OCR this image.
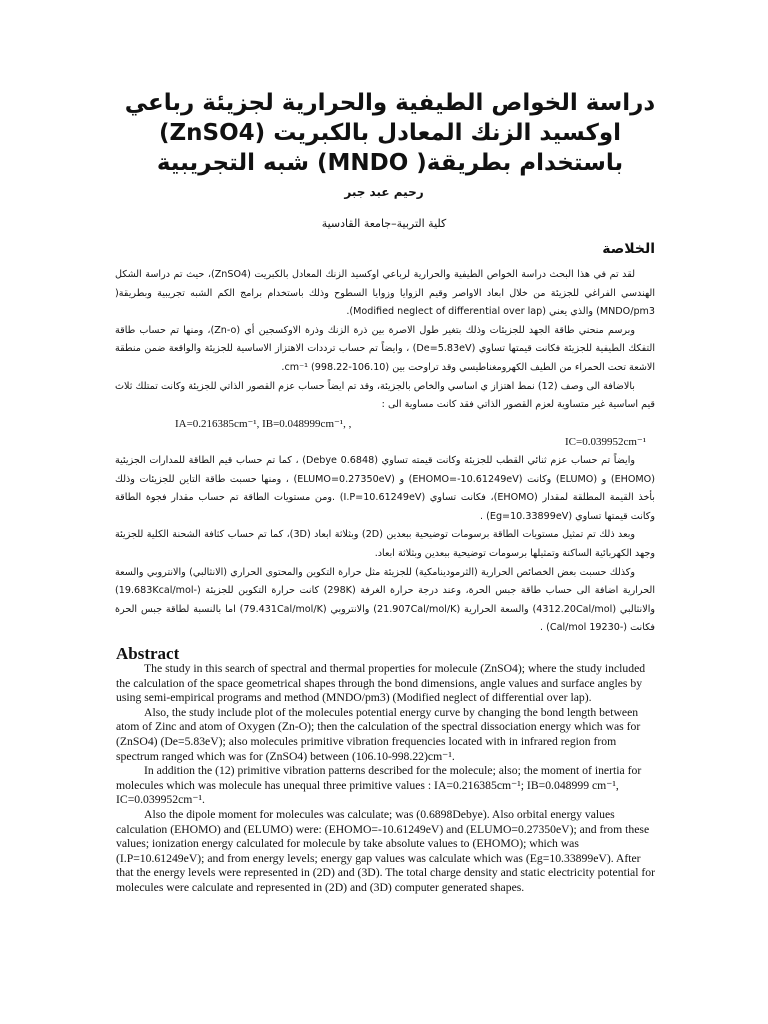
دراسة الخواص الطيفية والحرارية لجزيئة رباعي اوكسيد الزنك المعادل بالكبريت (ZnSO4) باستخدام بطريقة( MNDO) شبه التجريبية
رحيم عبد جبر
كلية التربية–جامعة القادسية
الخلاصة

لقد تم في هذا البحث دراسة الخواص الطيفية والحرارية لرباعي اوكسيد الزنك المعادل بالكبريت (ZnSO4)، حيث تم دراسة الشكل الهندسي الفراغي للجزيئة من خلال ابعاد الاواصر وقيم الزوايا وزوايا السطوح وذلك باستخدام برامج الكم الشبه تجريبية وبطريقة( MNDO/pm3) والذي يعني (Modified neglect of differential over lap).

وبرسم منحني طاقة الجهد للجزيئات وذلك بتغير طول الاصرة بين ذرة الزنك وذرة الاوكسجين أي (Zn-o)، ومنها تم حساب طاقة التفكك الطيفية للجزيئة فكانت قيمتها تساوي (De=5.83eV) ، وايضاً تم حساب ترددات الاهتزاز الاساسية للجزيئة والواقعة ضمن منطقة الاشعة تحت الحمراء من الطيف الكهرومغناطيسي وقد تراوحت بين (106.10-998.22) cm⁻¹.

بالاضافة الى وصف (12) نمط اهتزاز ي اساسي والخاص بالجزيئة، وقد تم ايضاً حساب عزم القصور الذاتي للجزيئة وكانت تمتلك ثلاث قيم اساسية غير متساوية لعزم القصور الذاتي فقد كانت مساوية الى :

IA=0.216385cm⁻¹, IB=0.048999cm⁻¹, ,

IC=0.039952cm⁻¹

وايضاً تم حساب عزم ثنائي القطب للجزيئة وكانت قيمته تساوي (0.6848 Debye) ، كما تم حساب قيم الطاقة للمدارات الجزيئية (EHOMO) و (ELUMO) وكانت (EHOMO=-10.61249eV) و (ELUMO=0.27350eV) ، ومنها حسبت طاقة التاين للجزيئات وذلك بأخذ القيمة المطلقة لمقدار (EHOMO)، فكانت تساوي (I.P=10.61249eV) .ومن مستويات الطاقة تم حساب مقدار فجوة الطاقة وكانت قيمتها تساوي (Eg=10.33899eV) .

وبعد ذلك تم تمثيل مستويات الطاقة برسومات توضيحية ببعدين (2D) وبثلاثة ابعاد (3D)، كما تم حساب كثافة الشحنة الكلية للجزيئة وجهد الكهربائية الساكنة وتمثيلها برسومات توضيحية ببعدين وبثلاثة ابعاد.

وكذلك حسبت بعض الخصائص الحرارية (الثرمودينامكية) للجزيئة مثل حرارة التكوين والمحتوى الحراري (الانثالبي) والانتروبي والسعة الحرارية اضافة الى حساب طاقة جبس الحرة، وعند درجة حرارة الغرفة (298K) كانت حرارة التكوين للجزيئة (-19.683Kcal/mol) والانثالبي (4312.20Cal/mol) والسعة الحرارية (21.907Cal/mol/K) والانتروبي (79.431Cal/mol/K) اما بالنسبة لطاقة جبس الحرة فكانت (-19230 Cal/mol) .

Abstract

The study in this search of spectral and thermal properties for molecule (ZnSO4); where the study included the calculation of the space geometrical shapes through the bond dimensions, angle values and surface angles by using semi-empirical programs and method (MNDO/pm3) (Modified neglect of differential over lap).

Also, the study include plot of the molecules potential energy curve by changing the bond length between atom of Zinc and atom of Oxygen (Zn-O); then the calculation of the spectral dissociation energy which was for (ZnSO4) (De=5.83eV); also molecules primitive vibration frequencies located with in infrared region from spectrum ranged which was for (ZnSO4) between (106.10-998.22)cm⁻¹.

In addition the (12) primitive vibration patterns described for the molecule; also; the moment of inertia for molecules which was molecule has unequal three primitive values : IA=0.216385cm⁻¹; IB=0.048999 cm⁻¹, IC=0.039952cm⁻¹.

Also the dipole moment for molecules was calculate; was (0.6898Debye). Also orbital energy values calculation (EHOMO) and (ELUMO) were: (EHOMO=-10.61249eV) and (ELUMO=0.27350eV); and from these values; ionization energy calculated for molecule by take absolute values to (EHOMO); which was (I.P=10.61249eV); and from energy levels; energy gap values was calculate which was (Eg=10.33899eV). After that the energy levels were represented in (2D) and (3D). The total charge density and static electricity potential for molecules were calculate and represented in (2D) and (3D) computer generated shapes.
